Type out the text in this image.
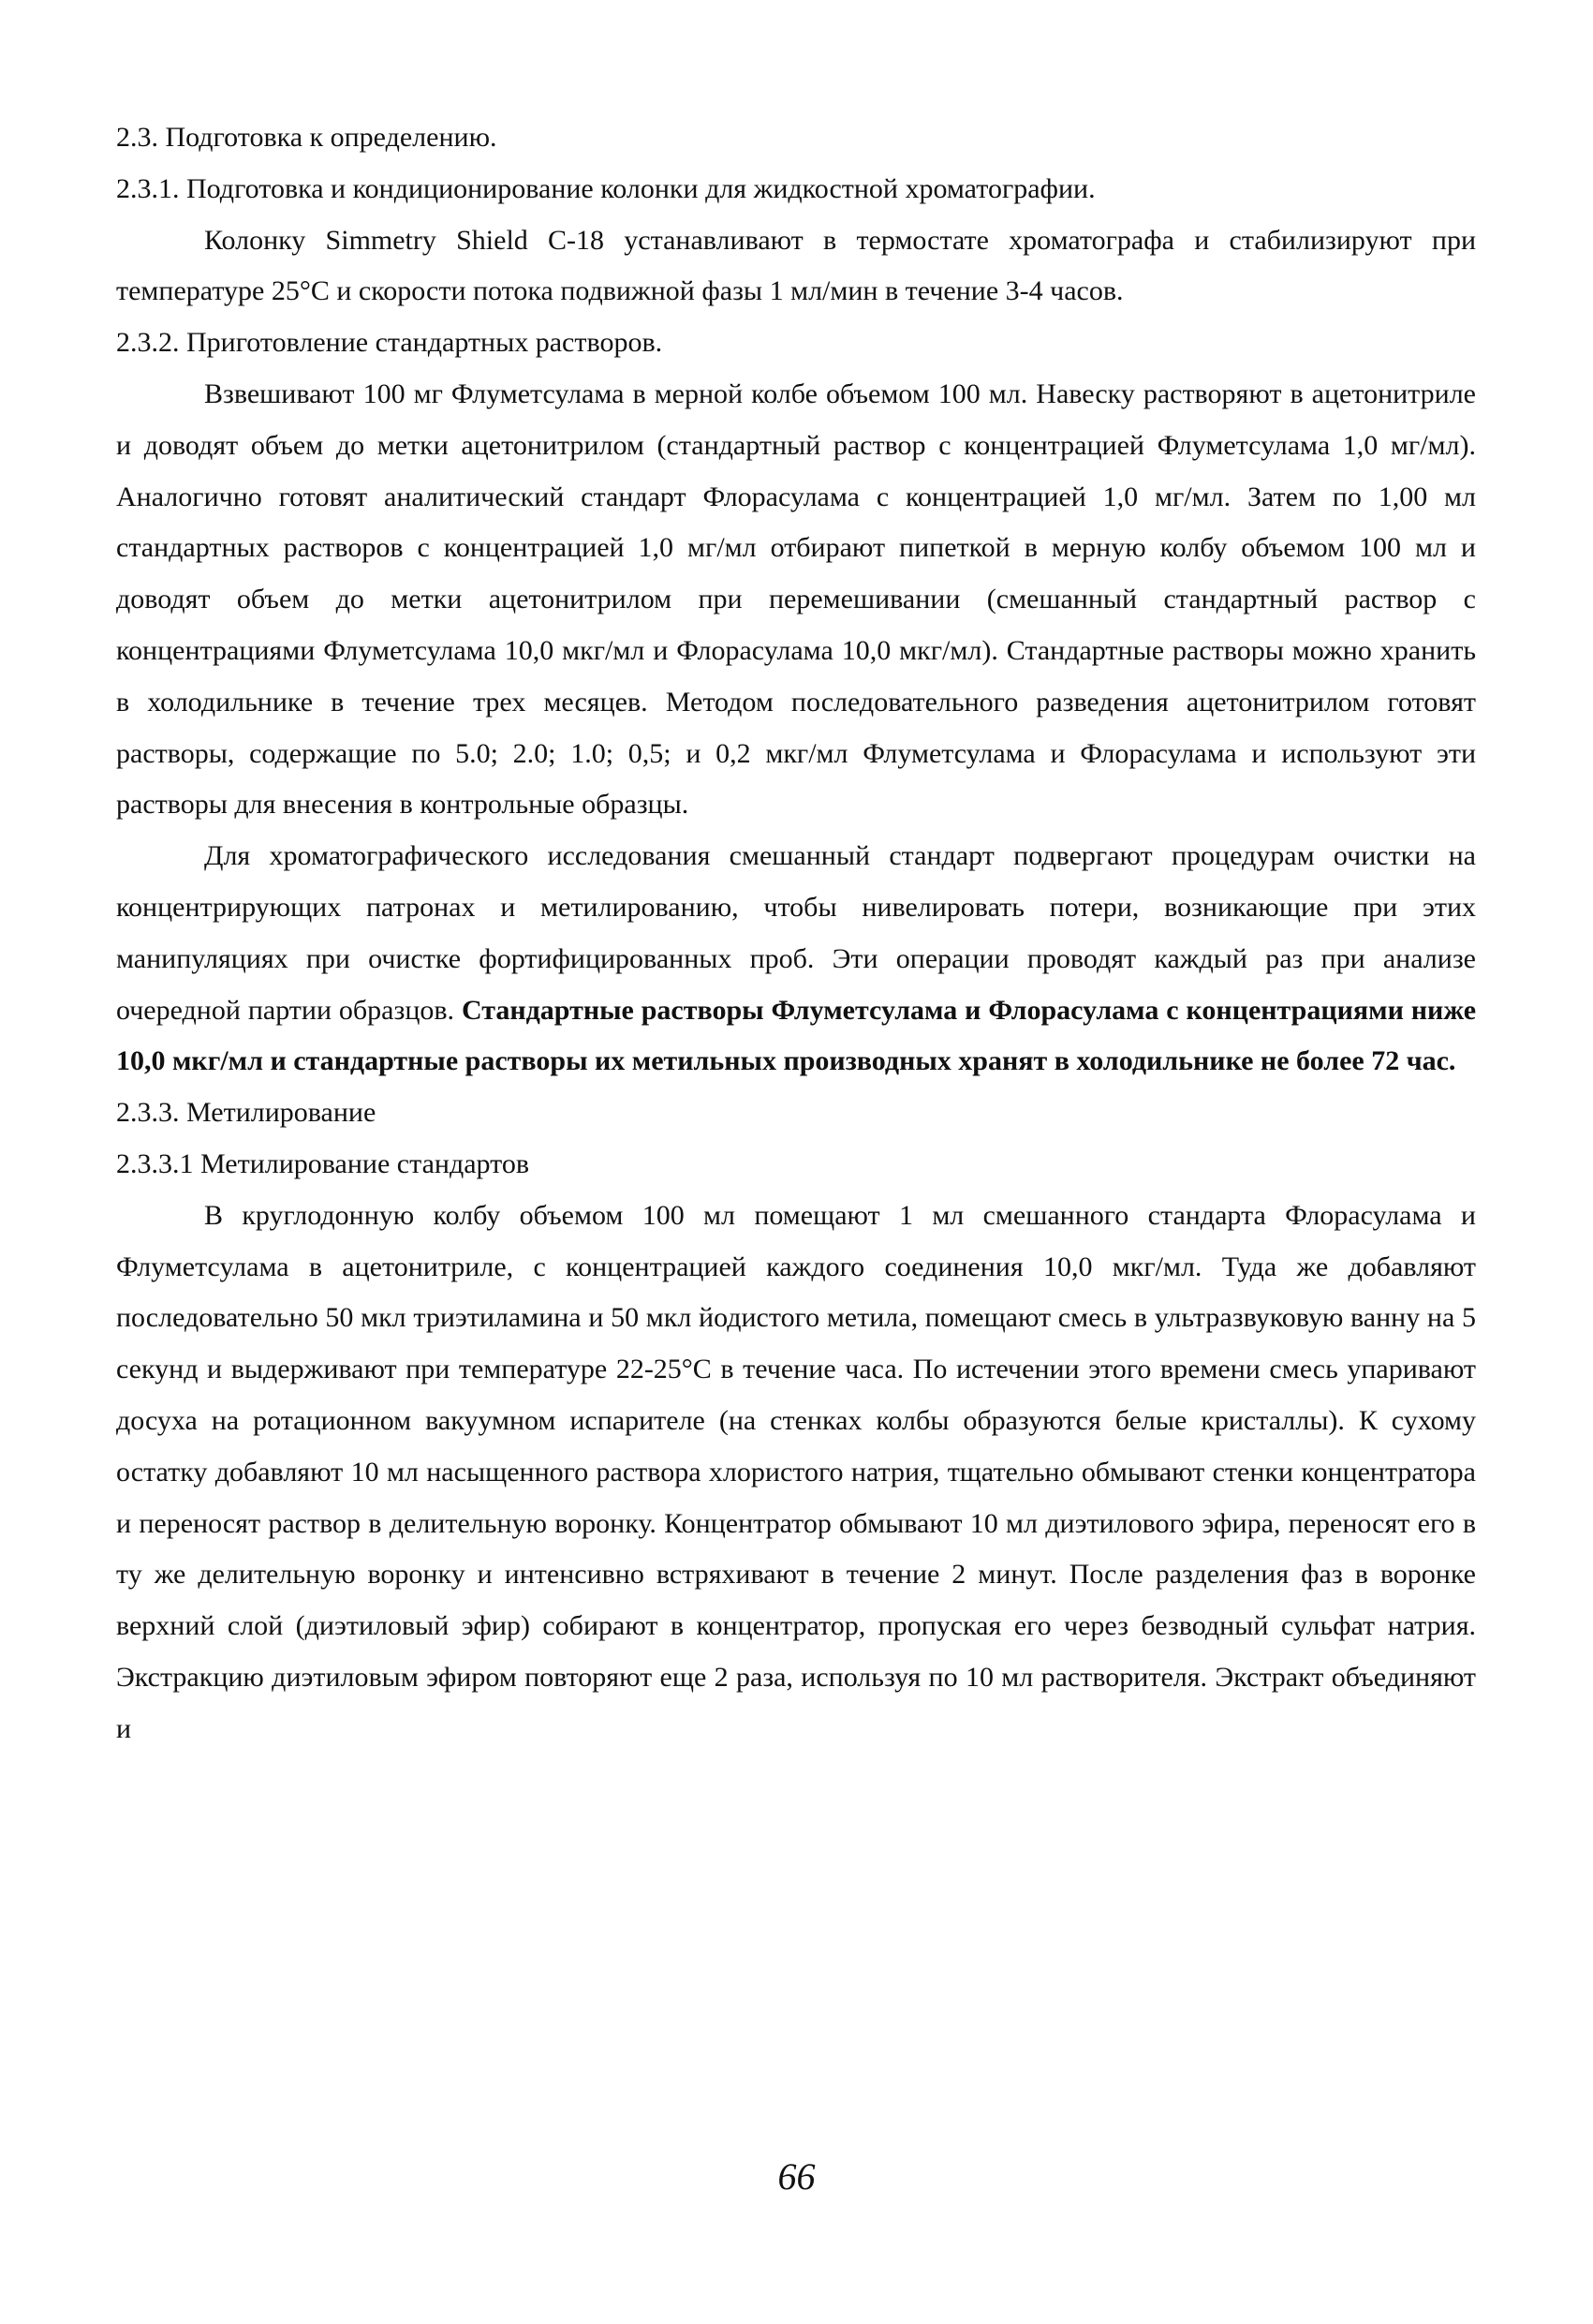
2.3. Подготовка к определению.

2.3.1. Подготовка и кондиционирование колонки для жидкостной хроматографии.

Колонку Simmetry Shield C-18 устанавливают в термостате хроматографа и стабилизируют при температуре 25°С и скорости потока подвижной фазы 1 мл/мин в течение 3-4 часов.

2.3.2. Приготовление стандартных растворов.

Взвешивают 100 мг Флуметсулама в мерной колбе объемом 100 мл. Навеску растворяют в ацетонитриле и доводят объем до метки ацетонитрилом (стандартный раствор с концентрацией Флуметсулама 1,0 мг/мл). Аналогично готовят аналитический стандарт Флорасулама с концентрацией 1,0 мг/мл. Затем по 1,00 мл стандартных растворов с концентрацией 1,0 мг/мл отбирают пипеткой в мерную колбу объемом 100 мл и доводят объем до метки ацетонитрилом при перемешивании (смешанный стандартный раствор с концентрациями Флуметсулама 10,0 мкг/мл и Флорасулама 10,0 мкг/мл). Стандартные растворы можно хранить в холодильнике в течение трех месяцев. Методом последовательного разведения ацетонитрилом готовят растворы, содержащие по 5.0; 2.0; 1.0; 0,5; и 0,2 мкг/мл Флуметсулама и Флорасулама и используют эти растворы для внесения в контрольные образцы.

Для хроматографического исследования смешанный стандарт подвергают процедурам очистки на концентрирующих патронах и метилированию, чтобы нивелировать потери, возникающие при этих манипуляциях при очистке фортифицированных проб. Эти операции проводят каждый раз при анализе очередной партии образцов. Стандартные растворы Флуметсулама и Флорасулама с концентрациями ниже 10,0 мкг/мл и стандартные растворы их метильных производных хранят в холодильнике не более 72 час.

2.3.3. Метилирование

2.3.3.1 Метилирование стандартов

В круглодонную колбу объемом 100 мл помещают 1 мл смешанного стандарта Флорасулама и Флуметсулама в ацетонитриле, с концентрацией каждого соединения 10,0 мкг/мл. Туда же добавляют последовательно 50 мкл триэтиламина и 50 мкл йодистого метила, помещают смесь в ультразвуковую ванну на 5 секунд и выдерживают при температуре 22-25°С в течение часа. По истечении этого времени смесь упаривают досуха на ротационном вакуумном испарителе (на стенках колбы образуются белые кристаллы). К сухому остатку добавляют 10 мл насыщенного раствора хлористого натрия, тщательно обмывают стенки концентратора и переносят раствор в делительную воронку. Концентратор обмывают 10 мл диэтилового эфира, переносят его в ту же делительную воронку и интенсивно встряхивают в течение 2 минут. После разделения фаз в воронке верхний слой (диэтиловый эфир) собирают в концентратор, пропуская его через безводный сульфат натрия. Экстракцию диэтиловым эфиром повторяют еще 2 раза, используя по 10 мл растворителя. Экстракт объединяют и

66
